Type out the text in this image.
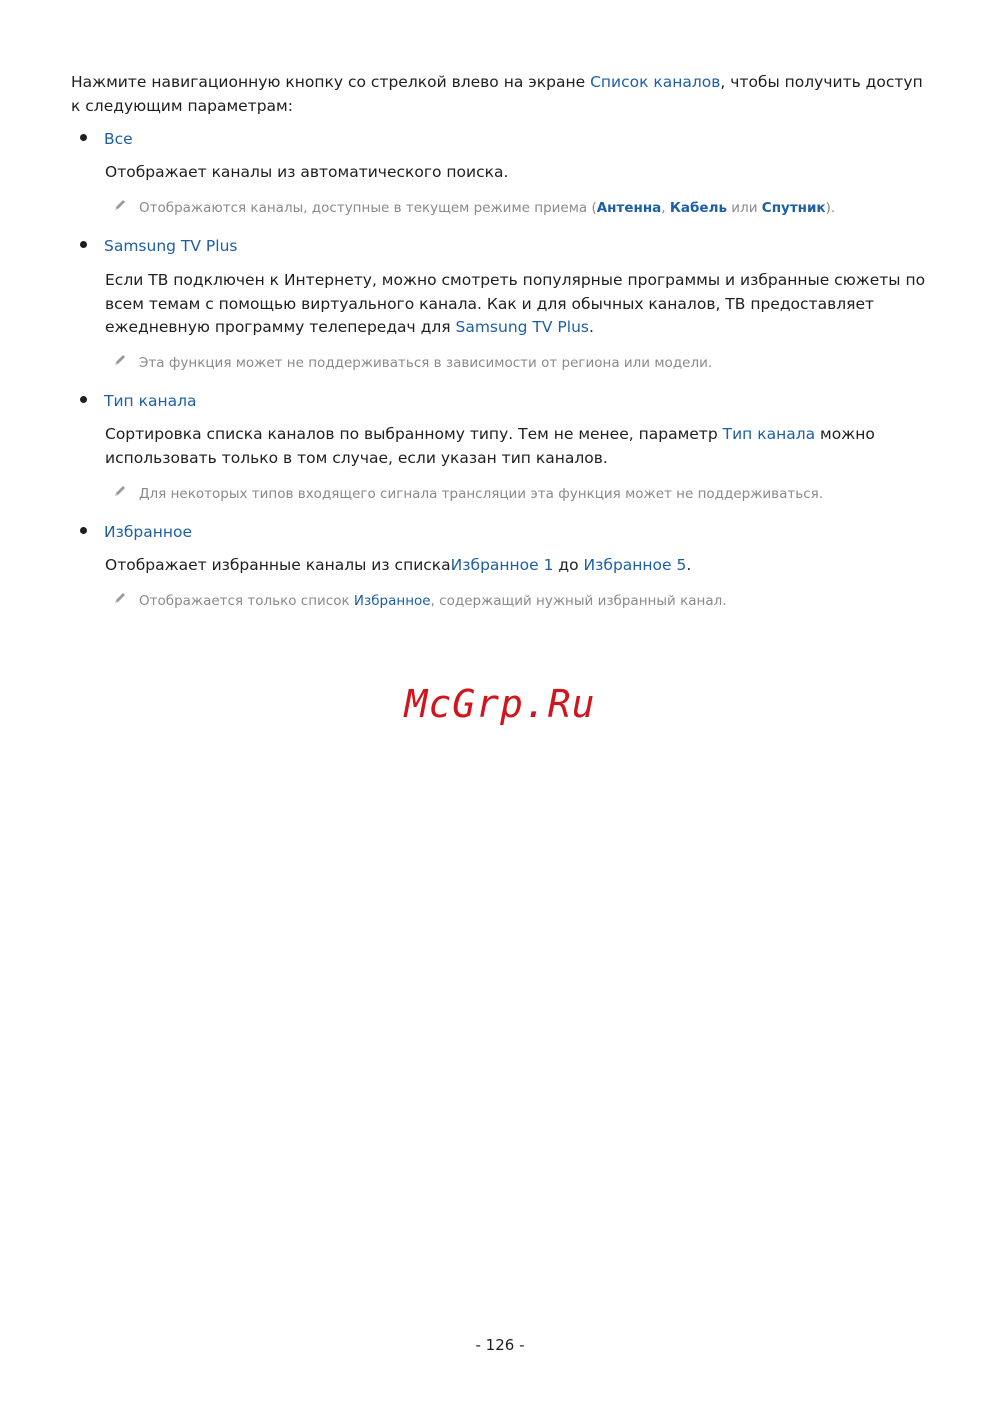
Нажмите навигационную кнопку со стрелкой влево на экране Список каналов, чтобы получить доступ к следующим параметрам:
Все
Отображает каналы из автоматического поиска.
Отображаются каналы, доступные в текущем режиме приема (Антенна, Кабель или Спутник).
Samsung TV Plus
Если ТВ подключен к Интернету, можно смотреть популярные программы и избранные сюжеты по всем темам с помощью виртуального канала. Как и для обычных каналов, ТВ предоставляет ежедневную программу телепередач для Samsung TV Plus.
Эта функция может не поддерживаться в зависимости от региона или модели.
Тип канала
Сортировка списка каналов по выбранному типу. Тем не менее, параметр Тип канала можно использовать только в том случае, если указан тип каналов.
Для некоторых типов входящего сигнала трансляции эта функция может не поддерживаться.
Избранное
Отображает избранные каналы из спискаИзбранное 1 до Избранное 5.
Отображается только список Избранное, содержащий нужный избранный канал.
McGrp.Ru
- 126 -
